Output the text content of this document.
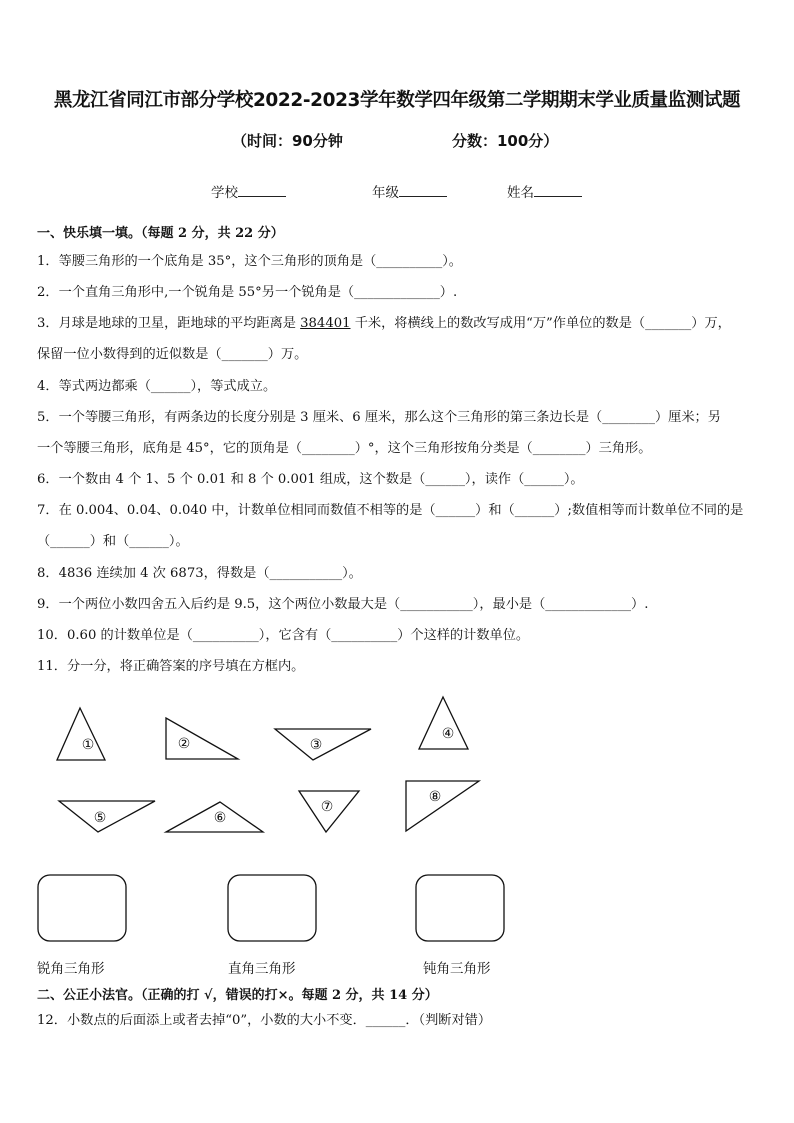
黑龙江省同江市部分学校2022-2023学年数学四年级第二学期期末学业质量监测试题
（时间：90分钟	分数：100分）
学校	年级	姓名
一、快乐填一填。（每题 2 分，共 22 分）
1．等腰三角形的一个底角是 35°，这个三角形的顶角是（__________）。
2．一个直角三角形中,一个锐角是 55°另一个锐角是（_____________）.
3．月球是地球的卫星，距地球的平均距离是 384401 千米，将横线上的数改写成用“万”作单位的数是（_______）万，
保留一位小数得到的近似数是（_______）万。
4．等式两边都乘（______），等式成立。
5．一个等腰三角形，有两条边的长度分别是 3 厘米、6 厘米，那么这个三角形的第三条边长是（________）厘米；另
一个等腰三角形，底角是 45°，它的顶角是（________）°，这个三角形按角分类是（________）三角形。
6．一个数由 4 个 1、5 个 0.01 和 8 个 0.001 组成，这个数是（______），读作（______）。
7．在 0.004、0.04、0.040 中，计数单位相同而数值不相等的是（______）和（______）;数值相等而计数单位不同的是
（______）和（______）。
8．4836 连续加 4 次 6873，得数是（___________）。
9．一个两位小数四舍五入后约是 9.5，这个两位小数最大是（___________），最小是（_____________）.
10．0.60 的计数单位是（__________），它含有（__________）个这样的计数单位。
11．分一分，将正确答案的序号填在方框内。
①	②	③
④
⑤	⑥
⑦
⑧
锐角三角形	直角三角形	钝角三角形
二、公正小法官。（正确的打 √，错误的打×。每题 2 分，共 14 分）
12．小数点的后面添上或者去掉“0”，小数的大小不变．______．（判断对错）
